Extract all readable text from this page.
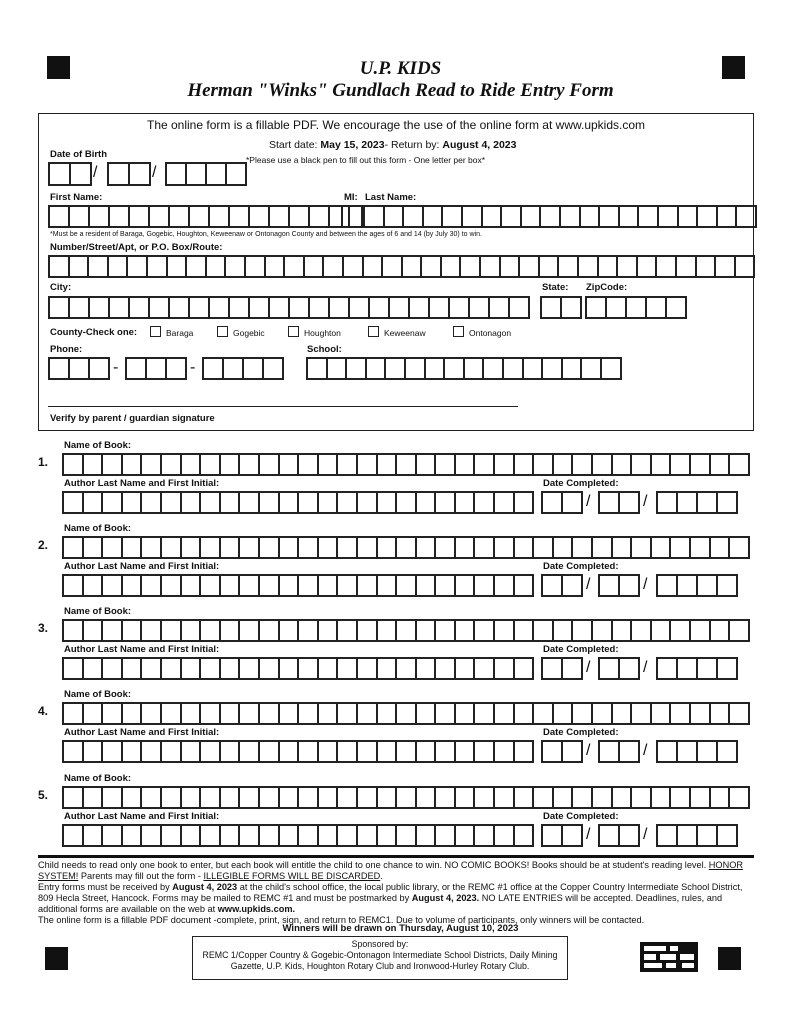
U.P. KIDS
Herman "Winks" Gundlach Read to Ride Entry Form
The online form is a fillable PDF. We encourage the use of the online form at www.upkids.com
Start date: May 15, 2023- Return by: August 4, 2023
*Please use a black pen to fill out this form - One letter per box*
Date of Birth
/	/
First Name:	MI: Last Name:
*Must be a resident of Baraga, Gogebic, Houghton, Keweenaw or Ontonagon County and between the ages of 6 and 14 (by July 30) to win.
Number/Street/Apt, or P.O. Box/Route:
City:	State: ZipCode:
County-Check one:	Baraga	Gogebic	Houghton	Keweenaw	Ontonagon
Phone:	School:
-	-
Verify by parent / guardian signature
1.
Name of Book:
Author Last Name and First Initial:	Date Completed:
/	/
2.
Name of Book:
Author Last Name and First Initial:	Date Completed:
/	/
3.
Name of Book:
Author Last Name and First Initial:	Date Completed:
/	/
4.
Name of Book:
Author Last Name and First Initial:	Date Completed:
/	/
5.
Name of Book:
Author Last Name and First Initial:	Date Completed:
/	/
Child needs to read only one book to enter, but each book will entitle the child to one chance to win. NO COMIC BOOKS! Books should be at student's reading level. HONOR SYSTEM! Parents may fill out the form - ILLEGIBLE FORMS WILL BE DISCARDED.
Entry forms must be received by August 4, 2023 at the child's school office, the local public library, or the REMC #1 office at the Copper Country Intermediate School District, 809 Hecla Street, Hancock. Forms may be mailed to REMC #1 and must be postmarked by August 4, 2023. NO LATE ENTRIES will be accepted. Deadlines, rules, and additional forms are available on the web at www.upkids.com.
The online form is a fillable PDF document -complete, print, sign, and return to REMC1. Due to volume of participants, only winners will be contacted.
Winners will be drawn on Thursday, August 10, 2023
Sponsored by:
REMC 1/Copper Country & Gogebic-Ontonagon Intermediate School Districts, Daily Mining Gazette, U.P. Kids, Houghton Rotary Club and Ironwood-Hurley Rotary Club.
